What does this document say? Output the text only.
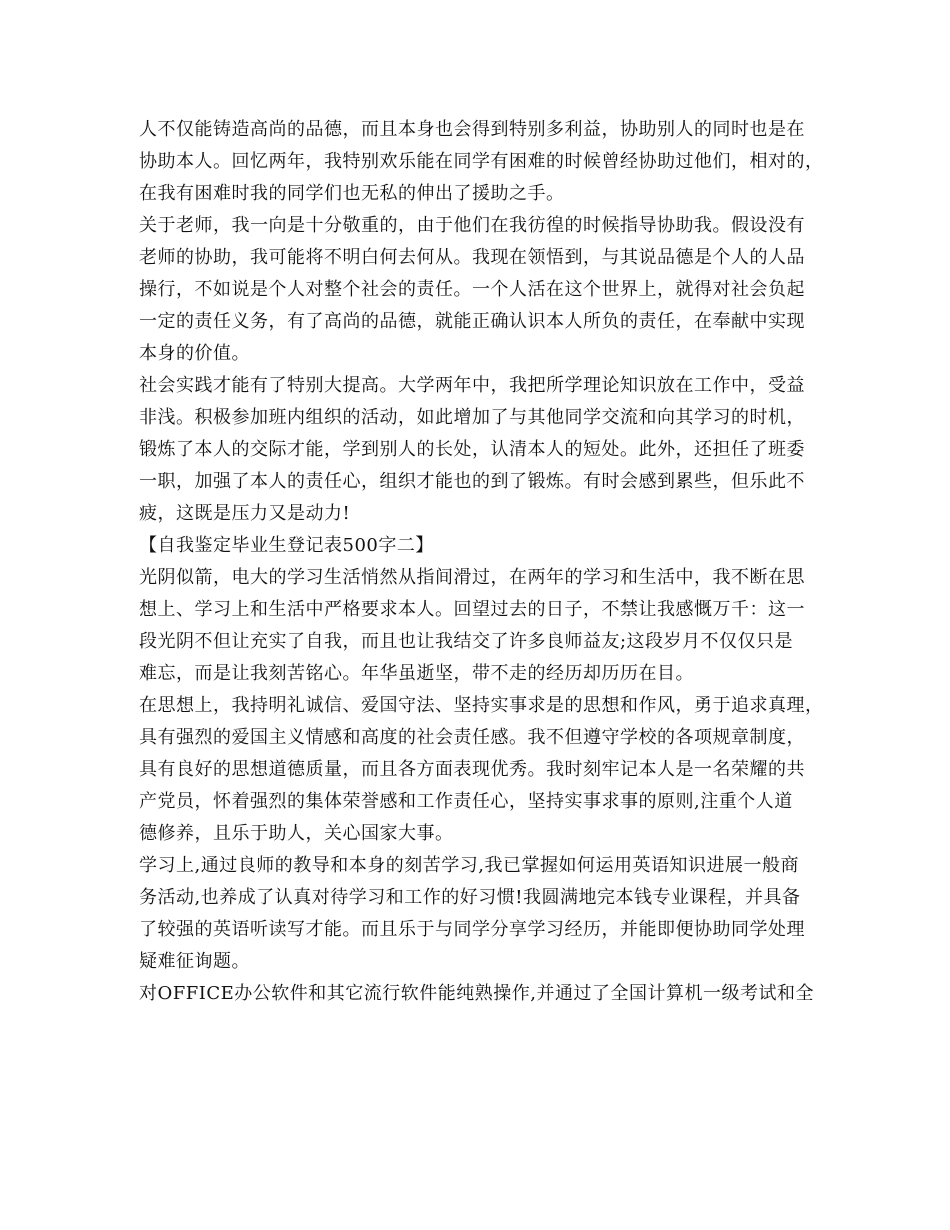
人不仅能铸造高尚的品德，而且本身也会得到特别多利益，协助别人的同时也是在
协助本人。回忆两年，我特别欢乐能在同学有困难的时候曾经协助过他们，相对的，
在我有困难时我的同学们也无私的伸出了援助之手。
关于老师，我一向是十分敬重的，由于他们在我彷徨的时候指导协助我。假设没有
老师的协助，我可能将不明白何去何从。我现在领悟到，与其说品德是个人的人品
操行，不如说是个人对整个社会的责任。一个人活在这个世界上，就得对社会负起
一定的责任义务，有了高尚的品德，就能正确认识本人所负的责任，在奉献中实现
本身的价值。
社会实践才能有了特别大提高。大学两年中，我把所学理论知识放在工作中，受益
非浅。积极参加班内组织的活动，如此增加了与其他同学交流和向其学习的时机，
锻炼了本人的交际才能，学到别人的长处，认清本人的短处。此外，还担任了班委
一职，加强了本人的责任心，组织才能也的到了锻炼。有时会感到累些，但乐此不
疲，这既是压力又是动力!
【自我鉴定毕业生登记表500字二】
光阴似箭，电大的学习生活悄然从指间滑过，在两年的学习和生活中，我不断在思
想上、学习上和生活中严格要求本人。回望过去的日子，不禁让我感慨万千：这一
段光阴不但让充实了自我，而且也让我结交了许多良师益友;这段岁月不仅仅只是
难忘，而是让我刻苦铭心。年华虽逝坚，带不走的经历却历历在目。
在思想上，我持明礼诚信、爱国守法、坚持实事求是的思想和作风，勇于追求真理，
具有强烈的爱国主义情感和高度的社会责任感。我不但遵守学校的各项规章制度，
具有良好的思想道德质量，而且各方面表现优秀。我时刻牢记本人是一名荣耀的共
产党员，怀着强烈的集体荣誉感和工作责任心，坚持实事求事的原则,注重个人道
德修养，且乐于助人，关心国家大事。
学习上,通过良师的教导和本身的刻苦学习,我已掌握如何运用英语知识进展一般商
务活动,也养成了认真对待学习和工作的好习惯!我圆满地完本钱专业课程，并具备
了较强的英语听读写才能。而且乐于与同学分享学习经历，并能即便协助同学处理
疑难征询题。
对OFFICE办公软件和其它流行软件能纯熟操作,并通过了全国计算机一级考试和全
